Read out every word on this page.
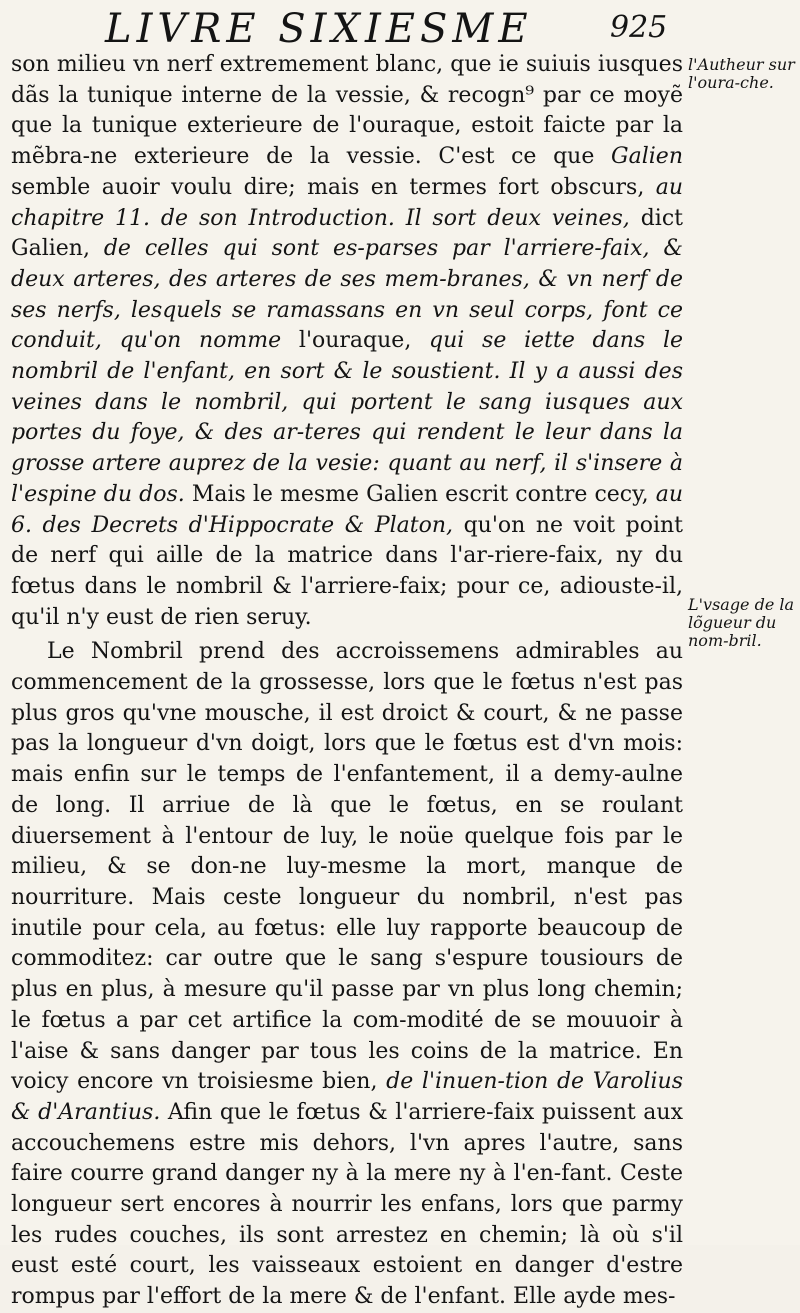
LIVRE SIXIESME	925

son milieu vn nerf extremement blanc, que ie suiuis iusques dãs la tunique interne de la vessie, & recogn⁹ par ce moyẽ que la tunique exterieure de l'ouraque, estoit faicte par la mẽbra-ne exterieure de la vessie. C'est ce que Galien semble auoir voulu dire; mais en termes fort obscurs, au chapitre 11. de son Introduction. Il sort deux veines, dict Galien, de celles qui sont es-parses par l'arriere-faix, & deux arteres, des arteres de ses mem-branes, & vn nerf de ses nerfs, lesquels se ramassans en vn seul corps, font ce conduit, qu'on nomme l'ouraque, qui se iette dans le nombril de l'enfant, en sort & le soustient. Il y a aussi des veines dans le nombril, qui portent le sang iusques aux portes du foye, & des ar-teres qui rendent le leur dans la grosse artere auprez de la vesie: quant au nerf, il s'insere à l'espine du dos. Mais le mesme Galien escrit contre cecy, au 6. des Decrets d'Hippocrate & Platon, qu'on ne voit point de nerf qui aille de la matrice dans l'ar-riere-faix, ny du fœtus dans le nombril & l'arriere-faix; pour ce, adiouste-il, qu'il n'y eust de rien seruy.

Le Nombril prend des accroissemens admirables au commencement de la grossesse, lors que le fœtus n'est pas plus gros qu'vne mousche, il est droict & court, & ne passe pas la longueur d'vn doigt, lors que le fœtus est d'vn mois: mais enfin sur le temps de l'enfantement, il a demy-aulne de long. Il arriue de là que le fœtus, en se roulant diuersement à l'entour de luy, le noüe quelque fois par le milieu, & se don-ne luy-mesme la mort, manque de nourriture. Mais ceste longueur du nombril, n'est pas inutile pour cela, au fœtus: elle luy rapporte beaucoup de commoditez: car outre que le sang s'espure tousiours de plus en plus, à mesure qu'il passe par vn plus long chemin; le fœtus a par cet artifice la com-modité de se mouuoir à l'aise & sans danger par tous les coins de la matrice. En voicy encore vn troisiesme bien, de l'inuen-tion de Varolius & d'Arantius. Afin que le fœtus & l'arriere-faix puissent aux accouchemens estre mis dehors, l'vn apres l'autre, sans faire courre grand danger ny à la mere ny à l'en-fant. Ceste longueur sert encores à nourrir les enfans, lors que parmy les rudes couches, ils sont arrestez en chemin; là où s'il eust esté court, les vaisseaux estoient en danger d'estre rompus par l'effort de la mere & de l'enfant. Elle ayde mes-

l'Autheur sur l'oura-che.
L'vsage de la lõgueur du nom-bril.
